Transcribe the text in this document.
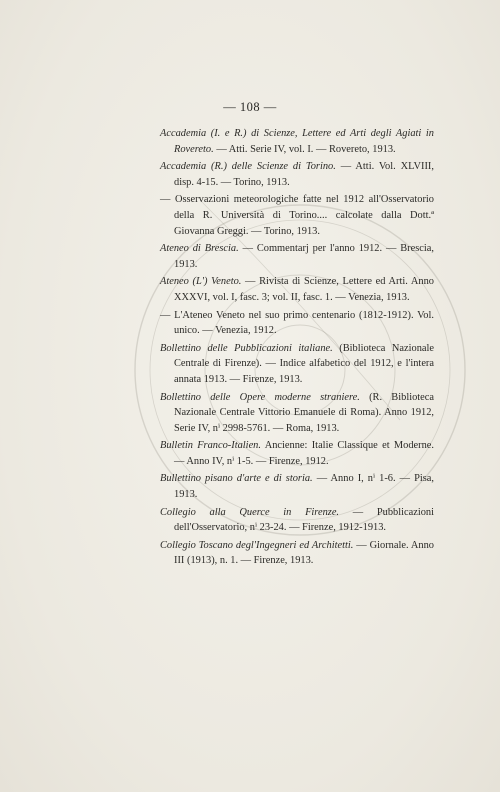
— 108 —

Accademia (I. e R.) di Scienze, Lettere ed Arti degli Agiati in Rovereto. — Atti. Serie IV, vol. I. — Rovereto, 1913.

Accademia (R.) delle Scienze di Torino. — Atti. Vol. XLVIII, disp. 4-15. — Torino, 1913.

— Osservazioni meteorologiche fatte nel 1912 all'Osservatorio della R. Università di Torino.... calcolate dalla Dott.ª Giovanna Greggi. — Torino, 1913.

Ateneo di Brescia. — Commentarj per l'anno 1912. — Brescia, 1913.

Ateneo (L') Veneto. — Rivista di Scienze, Lettere ed Arti. Anno XXXVI, vol. I, fasc. 3; vol. II, fasc. 1. — Venezia, 1913.

— L'Ateneo Veneto nel suo primo centenario (1812-1912). Vol. unico. — Venezia, 1912.

Bollettino delle Pubblicazioni italiane. (Biblioteca Nazionale Centrale di Firenze). — Indice alfabetico del 1912, e l'intera annata 1913. — Firenze, 1913.

Bollettino delle Opere moderne straniere. (R. Biblioteca Nazionale Centrale Vittorio Emanuele di Roma). Anno 1912, Serie IV, nⁱ 2998-5761. — Roma, 1913.

Bulletin Franco-Italien. Ancienne: Italie Classique et Moderne. — Anno IV, nⁱ 1-5. — Firenze, 1912.

Bullettino pisano d'arte e di storia. — Anno I, nⁱ 1-6. — Pisa, 1913.

Collegio alla Querce in Firenze. — Pubblicazioni dell'Osservatorio, nⁱ 23-24. — Firenze, 1912-1913.

Collegio Toscano degl'Ingegneri ed Architetti. — Giornale. Anno III (1913), n. 1. — Firenze, 1913.
